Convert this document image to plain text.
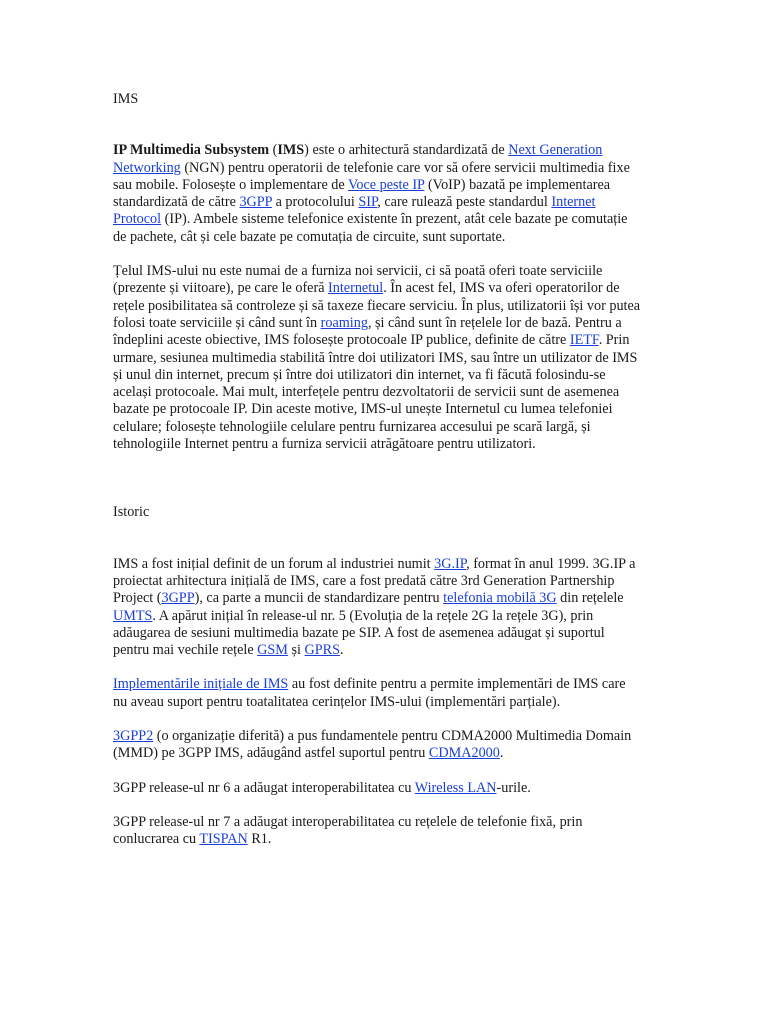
IMS

IP Multimedia Subsystem (IMS) este o arhitectură standardizată de Next Generation Networking (NGN) pentru operatorii de telefonie care vor să ofere servicii multimedia fixe sau mobile. Folosește o implementare de Voce peste IP (VoIP) bazată pe implementarea standardizată de către 3GPP a protocolului SIP, care rulează peste standardul Internet Protocol (IP). Ambele sisteme telefonice existente în prezent, atât cele bazate pe comutație de pachete, cât și cele bazate pe comutația de circuite, sunt suportate.

Țelul IMS-ului nu este numai de a furniza noi servicii, ci să poată oferi toate serviciile (prezente și viitoare), pe care le oferă Internetul. În acest fel, IMS va oferi operatorilor de rețele posibilitatea să controleze și să taxeze fiecare serviciu. În plus, utilizatorii își vor putea folosi toate serviciile și când sunt în roaming, și când sunt în rețelele lor de bază. Pentru a îndeplini aceste obiective, IMS folosește protocoale IP publice, definite de către IETF. Prin urmare, sesiunea multimedia stabilită între doi utilizatori IMS, sau între un utilizator de IMS și unul din internet, precum și între doi utilizatori din internet, va fi făcută folosindu-se același protocoale. Mai mult, interfețele pentru dezvoltatorii de servicii sunt de asemenea bazate pe protocoale IP. Din aceste motive, IMS-ul unește Internetul cu lumea telefoniei celulare; folosește tehnologiile celulare pentru furnizarea accesului pe scară largă, și tehnologiile Internet pentru a furniza servicii atrăgătoare pentru utilizatori.

Istoric

IMS a fost inițial definit de un forum al industriei numit 3G.IP, format în anul 1999. 3G.IP a proiectat arhitectura inițială de IMS, care a fost predată către 3rd Generation Partnership Project (3GPP), ca parte a muncii de standardizare pentru telefonia mobilă 3G din rețelele UMTS. A apărut inițial în release-ul nr. 5 (Evoluția de la rețele 2G la rețele 3G), prin adăugarea de sesiuni multimedia bazate pe SIP. A fost de asemenea adăugat și suportul pentru mai vechile rețele GSM și GPRS.

Implementările inițiale de IMS au fost definite pentru a permite implementări de IMS care nu aveau suport pentru toatalitatea cerințelor IMS-ului (implementări parțiale).

3GPP2 (o organizație diferită) a pus fundamentele pentru CDMA2000 Multimedia Domain (MMD) pe 3GPP IMS, adăugând astfel suportul pentru CDMA2000.

3GPP release-ul nr 6 a adăugat interoperabilitatea cu Wireless LAN-urile.

3GPP release-ul nr 7 a adăugat interoperabilitatea cu rețelele de telefonie fixă, prin conlucrarea cu TISPAN R1.
